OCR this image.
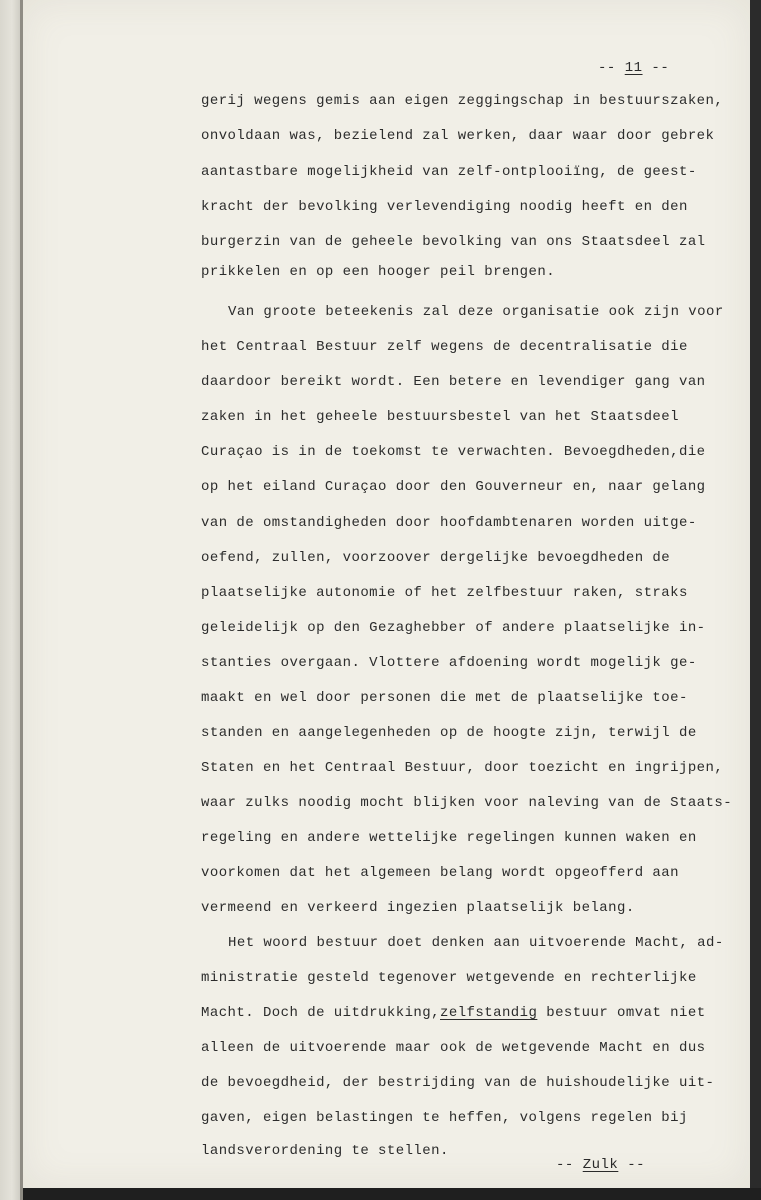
-- 11 --
gerij wegens gemis aan eigen zeggingschap in bestuurszaken,
onvoldaan was, bezielend zal werken, daar waar door gebrek
aantastbare mogelijkheid van zelf-ontplooiïng, de geest-
kracht der bevolking verlevendiging noodig heeft en den
burgerzin van de geheele bevolking van ons Staatsdeel zal
prikkelen en op een hooger peil brengen.
Van groote beteekenis zal deze organisatie ook zijn voor
het Centraal Bestuur zelf wegens de decentralisatie die
daardoor bereikt wordt. Een betere en levendiger gang van
zaken in het geheele bestuursbestel van het Staatsdeel
Curaçao is in de toekomst te verwachten. Bevoegdheden,die
op het eiland Curaçao door den Gouverneur en, naar gelang
van de omstandigheden door hoofdambtenaren worden uitge-
oefend, zullen, voorzoover dergelijke bevoegdheden de
plaatselijke autonomie of het zelfbestuur raken, straks
geleidelijk op den Gezaghebber of andere plaatselijke in-
stanties overgaan. Vlottere afdoening wordt mogelijk ge-
maakt en wel door personen die met de plaatselijke toe-
standen en aangelegenheden op de hoogte zijn, terwijl de
Staten en het Centraal Bestuur, door toezicht en ingrijpen,
waar zulks noodig mocht blijken voor naleving van de Staats-
regeling en andere wettelijke regelingen kunnen waken en
voorkomen dat het algemeen belang wordt opgeofferd aan
vermeend en verkeerd ingezien plaatselijk belang.
Het woord bestuur doet denken aan uitvoerende Macht, ad-
ministratie gesteld tegenover wetgevende en rechterlijke
Macht. Doch de uitdrukking,zelfstandig bestuur omvat niet
alleen de uitvoerende maar ook de wetgevende Macht en dus
de bevoegdheid, der bestrijding van de huishoudelijke uit-
gaven, eigen belastingen te heffen, volgens regelen bij
landsverordening te stellen.
-- Zulk --
